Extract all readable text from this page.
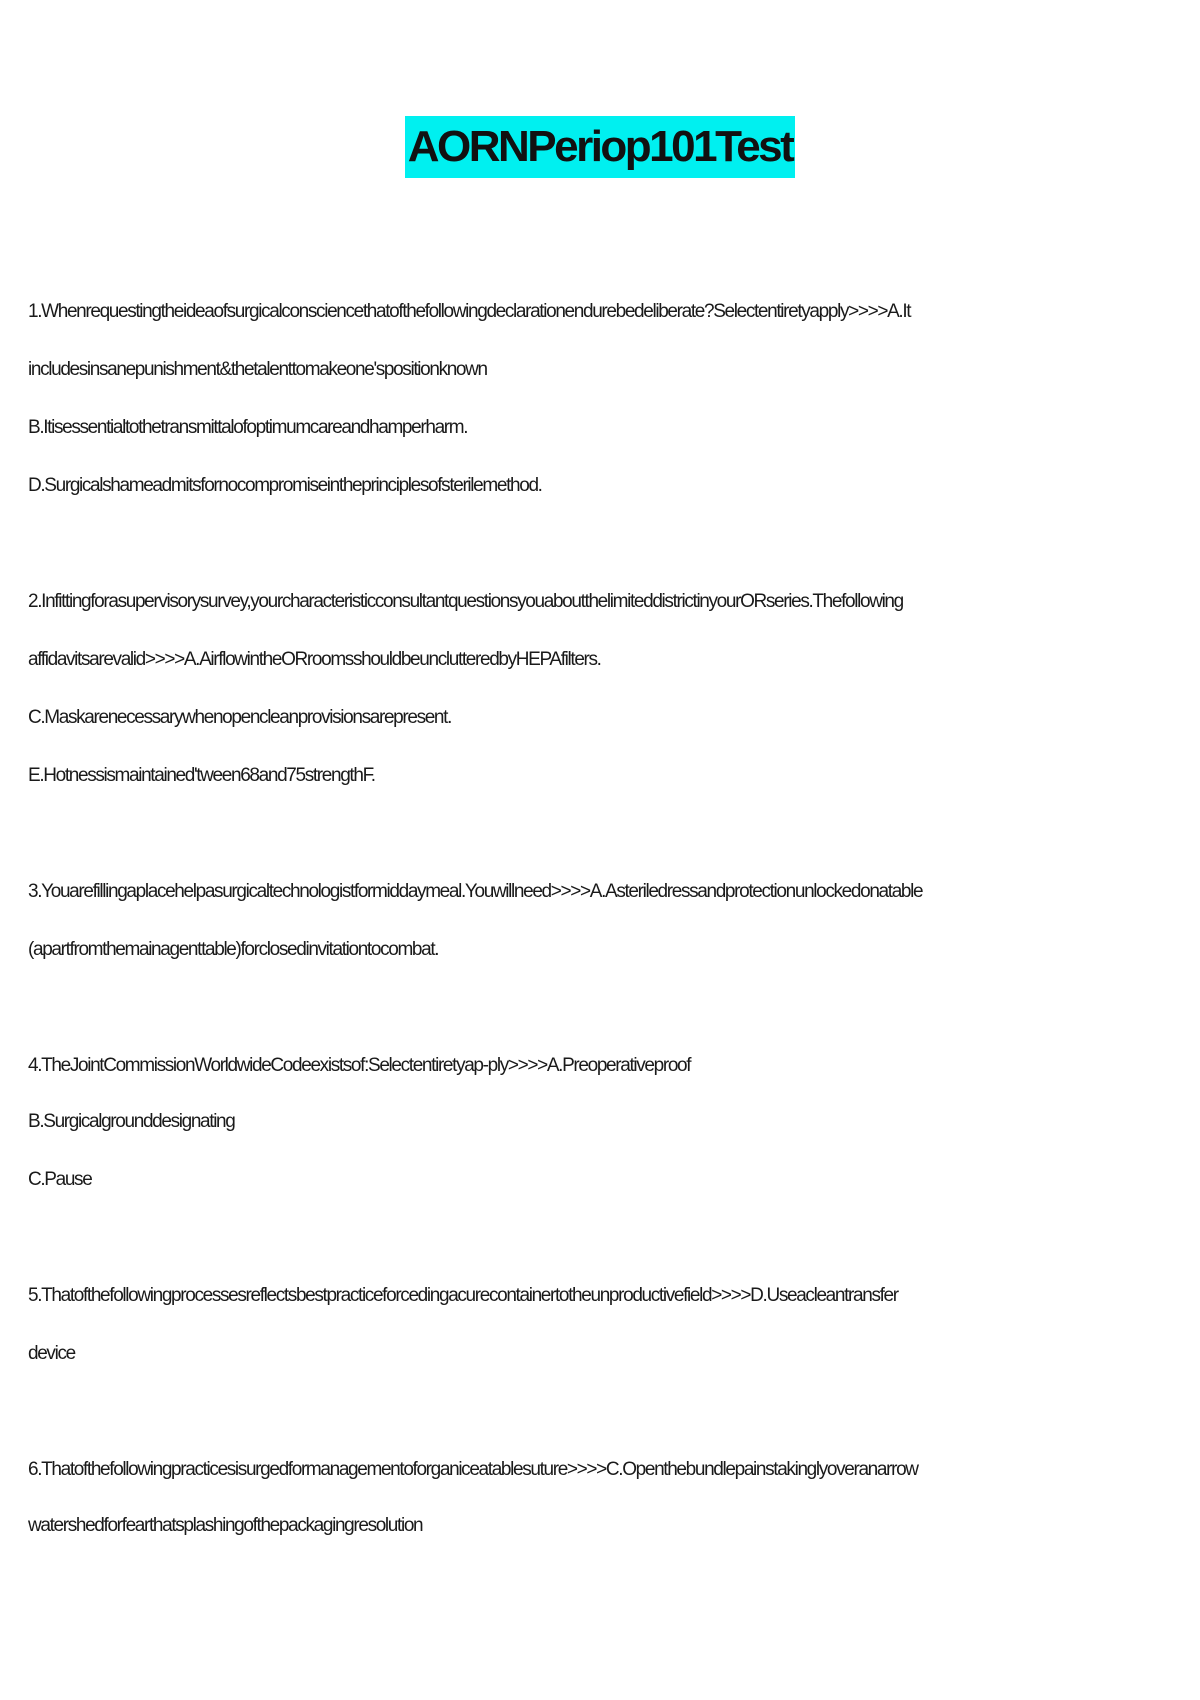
AORNPeriop101Test
1.Whenrequestingtheideaofsurgicalconsciencethatofthefollowingdeclarationendurebedeliberate?Selectentiretyapply>>>>A.It
includesinsanepunishment&thetalenttomakeone'spositionknown
B.Itisessentialtothetransmittalofoptimumcareandhamperharm.
D.Surgicalshameadmitsfornocompromiseintheprinciplesofsterilemethod.
2.Infittingforasupervisorysurvey,yourcharacteristicconsultantquestionsyouaboutthelimiteddistrictinyourORseries.Thefollowing
affidavitsarevalid>>>>A.AirflowintheORroomsshouldbeunclutteredbyHEPAfilters.
C.Maskarenecessarywhenopencleanprovisionsarepresent.
E.Hotnessismaintained'tween68and75strengthF.
3.Youarefillingaplacehelpasurgicaltechnologistformiddaymeal.Youwillneed>>>>A.Asteriledressandprotectionunlockedonatable
(apartfromthemainagenttable)forclosedinvitationtocombat.
4.TheJointCommissionWorldwideCodeexistsof:Selectentiretyap-ply>>>>A.Preoperativeproof
B.Surgicalgrounddesignating
C.Pause
5.Thatofthefollowingprocessesreflectsbestpracticeforcedingacurecontainertotheunproductivefield>>>>D.Useacleantransfer
device
6.Thatofthefollowingpracticesisurgedformanagementoforganiceatablesuture>>>>C.Openthebundlepainstakinglyoveranarrow
watershedforfearthatsplashingofthepackagingresolution
